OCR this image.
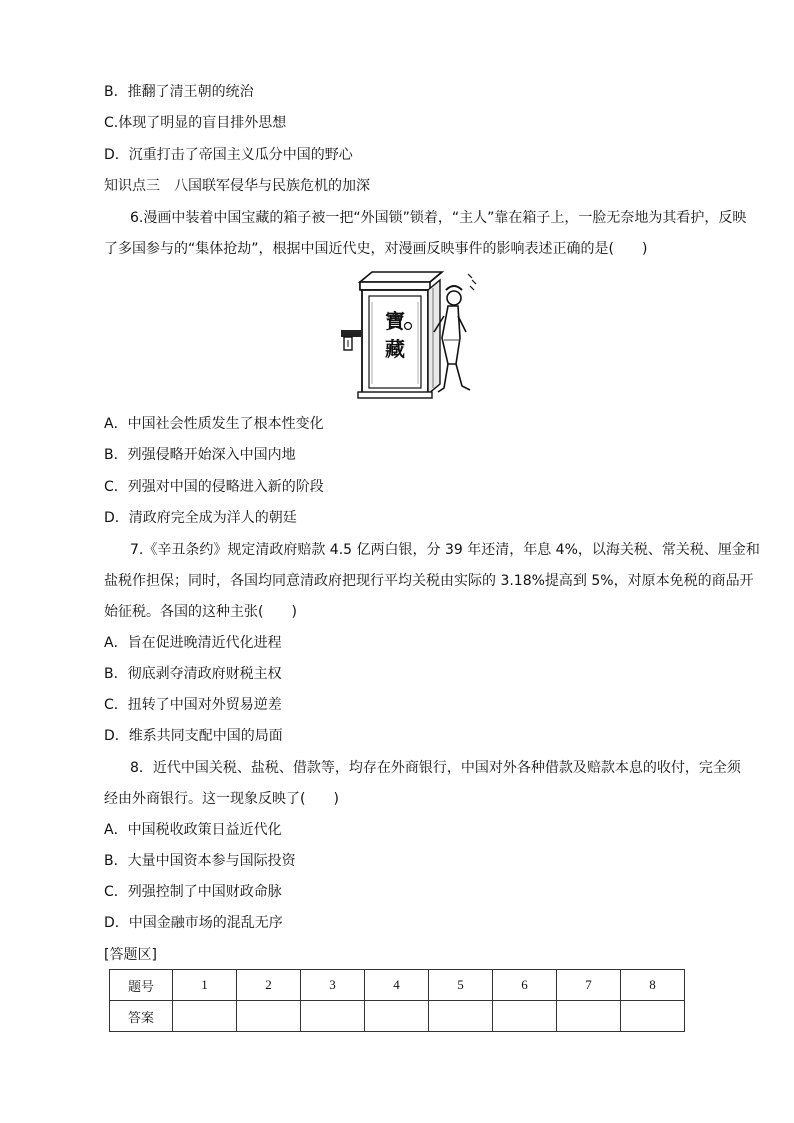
B．推翻了清王朝的统治
C.体现了明显的盲目排外思想
D．沉重打击了帝国主义瓜分中国的野心
知识点三　八国联军侵华与民族危机的加深
6.漫画中装着中国宝藏的箱子被一把“外国锁”锁着，“主人”靠在箱子上，一脸无奈地为其看护，反映
了多国参与的“集体抢劫”，根据中国近代史，对漫画反映事件的影响表述正确的是(　　)
寶
藏
A．中国社会性质发生了根本性变化
B．列强侵略开始深入中国内地
C．列强对中国的侵略进入新的阶段
D．清政府完全成为洋人的朝廷
7.《辛丑条约》规定清政府赔款 4.5 亿两白银，分 39 年还清，年息 4%，以海关税、常关税、厘金和
盐税作担保；同时，各国均同意清政府把现行平均关税由实际的 3.18%提高到 5%，对原本免税的商品开
始征税。各国的这种主张(　　)
A．旨在促进晚清近代化进程
B．彻底剥夺清政府财税主权
C．扭转了中国对外贸易逆差
D．维系共同支配中国的局面
8．近代中国关税、盐税、借款等，均存在外商银行，中国对外各种借款及赔款本息的收付，完全须
经由外商银行。这一现象反映了(　　)
A．中国税收政策日益近代化
B．大量中国资本参与国际投资
C．列强控制了中国财政命脉
D．中国金融市场的混乱无序
[答题区]
题号	1	2	3	4	5	6	7	8
答案								
